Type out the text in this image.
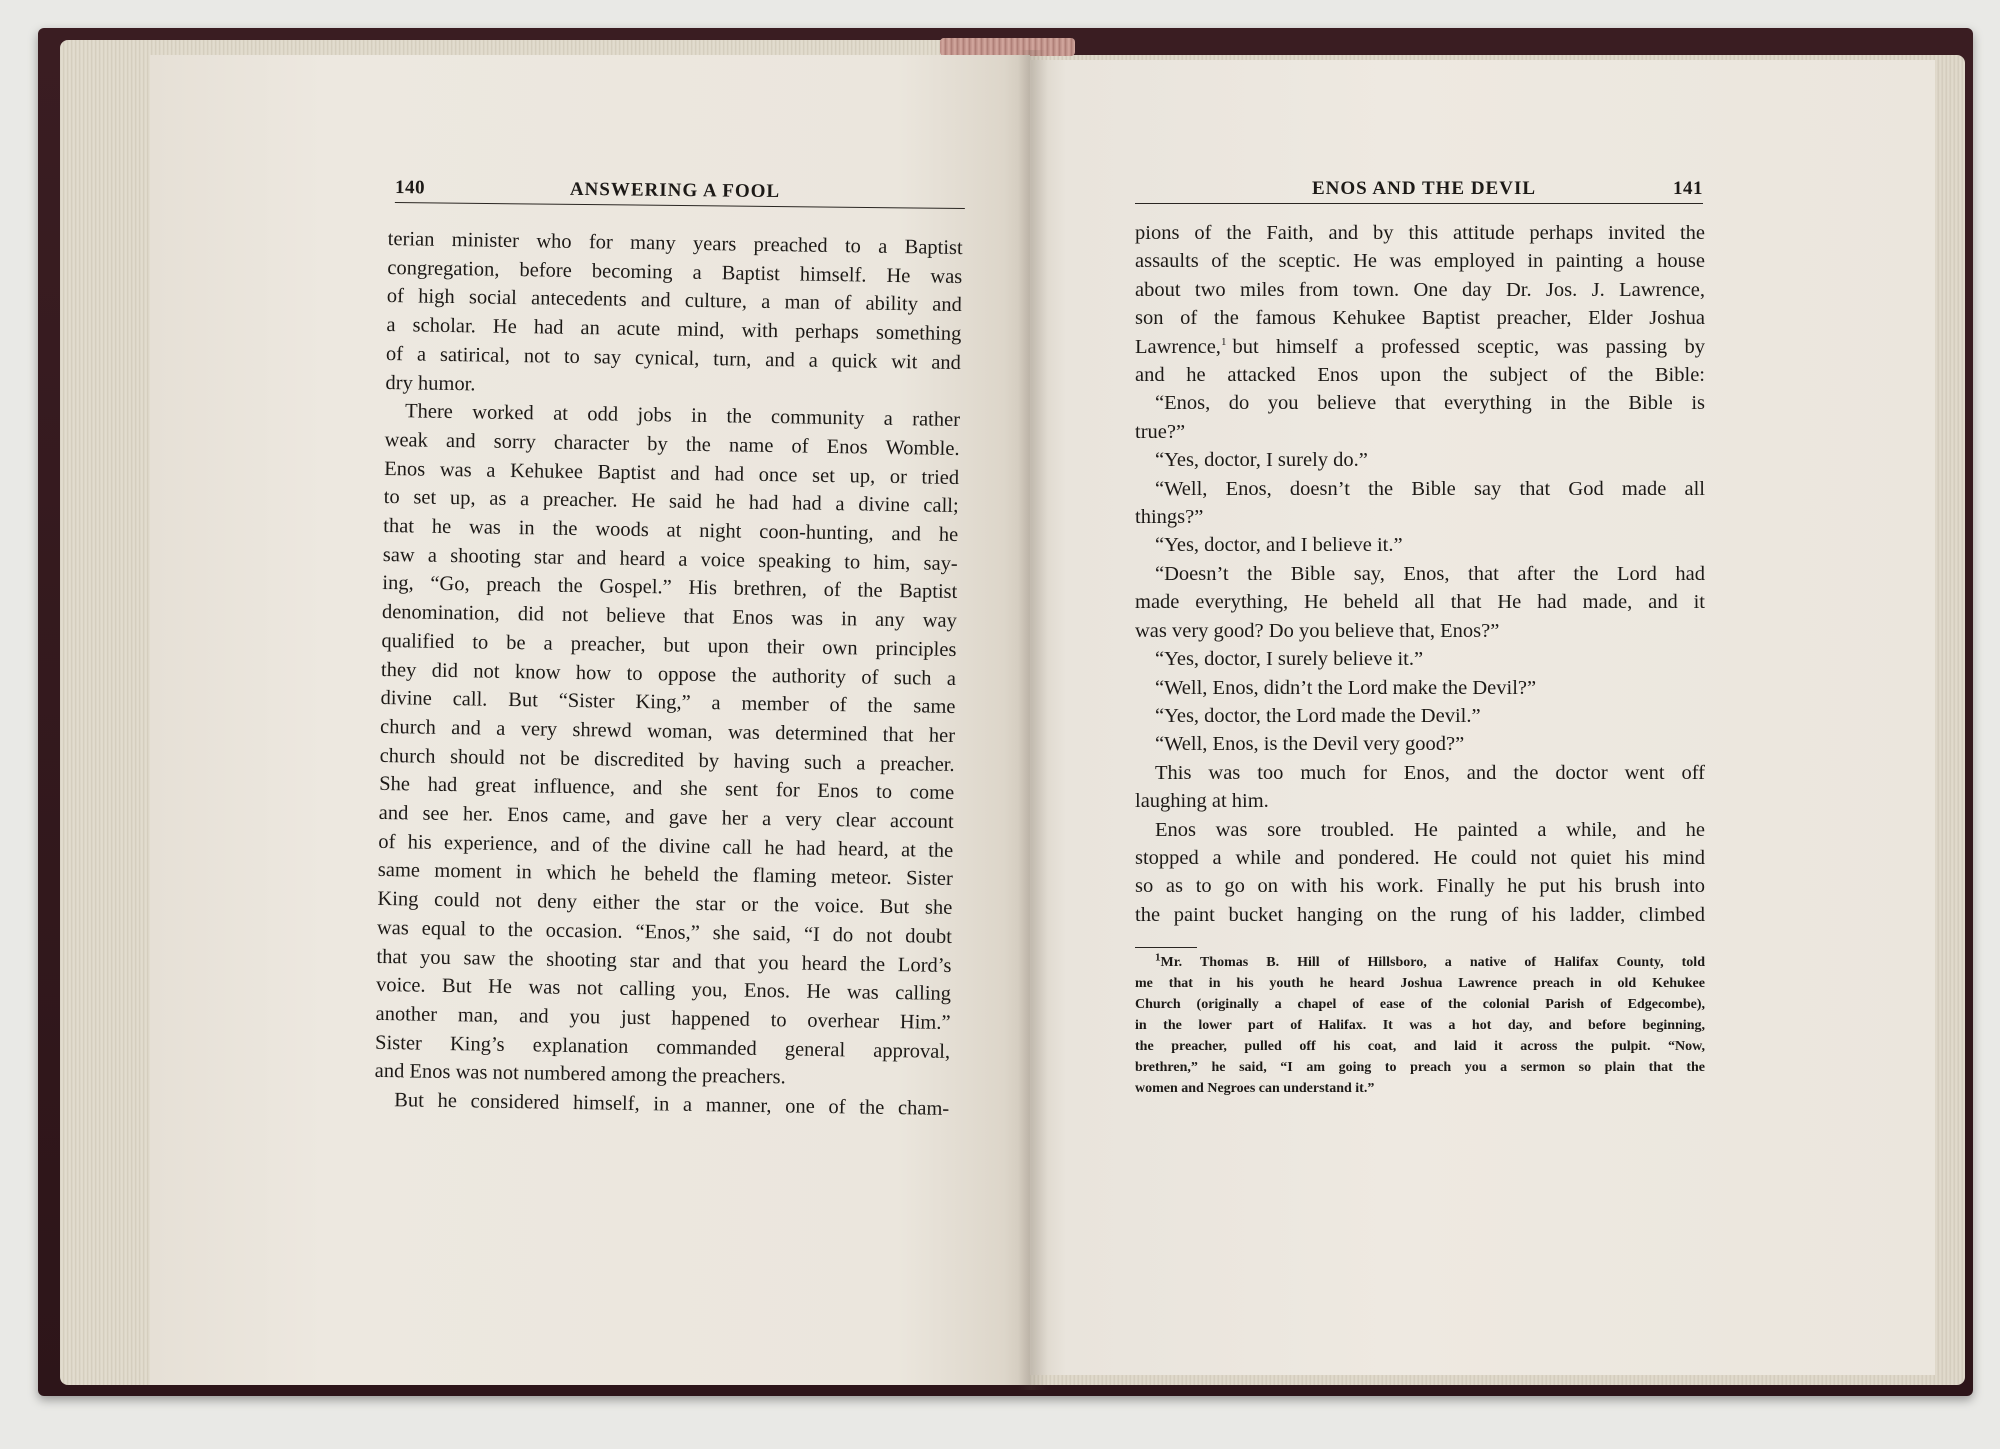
140	ANSWERING A FOOL
terian minister who for many years preached to a Baptist
congregation, before becoming a Baptist himself. He was
of high social antecedents and culture, a man of ability and
a scholar. He had an acute mind, with perhaps something
of a satirical, not to say cynical, turn, and a quick wit and
dry humor.
There worked at odd jobs in the community a rather
weak and sorry character by the name of Enos Womble.
Enos was a Kehukee Baptist and had once set up, or tried
to set up, as a preacher. He said he had had a divine call;
that he was in the woods at night coon-hunting, and he
saw a shooting star and heard a voice speaking to him, say-
ing, “Go, preach the Gospel.” His brethren, of the Baptist
denomination, did not believe that Enos was in any way
qualified to be a preacher, but upon their own principles
they did not know how to oppose the authority of such a
divine call. But “Sister King,” a member of the same
church and a very shrewd woman, was determined that her
church should not be discredited by having such a preacher.
She had great influence, and she sent for Enos to come
and see her. Enos came, and gave her a very clear account
of his experience, and of the divine call he had heard, at the
same moment in which he beheld the flaming meteor. Sister
King could not deny either the star or the voice. But she
was equal to the occasion. “Enos,” she said, “I do not doubt
that you saw the shooting star and that you heard the Lord’s
voice. But He was not calling you, Enos. He was calling
another man, and you just happened to overhear Him.”
Sister King’s explanation commanded general approval,
and Enos was not numbered among the preachers.
But he considered himself, in a manner, one of the cham-
ENOS AND THE DEVIL	141
pions of the Faith, and by this attitude perhaps invited the
assaults of the sceptic. He was employed in painting a house
about two miles from town. One day Dr. Jos. J. Lawrence,
son of the famous Kehukee Baptist preacher, Elder Joshua
Lawrence,$^1$ but himself a professed sceptic, was passing by
and he attacked Enos upon the subject of the Bible:
“Enos, do you believe that everything in the Bible is
true?”
“Yes, doctor, I surely do.”
“Well, Enos, doesn’t the Bible say that God made all
things?”
“Yes, doctor, and I believe it.”
“Doesn’t the Bible say, Enos, that after the Lord had
made everything, He beheld all that He had made, and it
was very good? Do you believe that, Enos?”
“Yes, doctor, I surely believe it.”
“Well, Enos, didn’t the Lord make the Devil?”
“Yes, doctor, the Lord made the Devil.”
“Well, Enos, is the Devil very good?”
This was too much for Enos, and the doctor went off
laughing at him.
Enos was sore troubled. He painted a while, and he
stopped a while and pondered. He could not quiet his mind
so as to go on with his work. Finally he put his brush into
the paint bucket hanging on the rung of his ladder, climbed
$^1$Mr. Thomas B. Hill of Hillsboro, a native of Halifax County, told
me that in his youth he heard Joshua Lawrence preach in old Kehukee
Church (originally a chapel of ease of the colonial Parish of Edgecombe),
in the lower part of Halifax. It was a hot day, and before beginning,
the preacher, pulled off his coat, and laid it across the pulpit. “Now,
brethren,” he said, “I am going to preach you a sermon so plain that the
women and Negroes can understand it.”
